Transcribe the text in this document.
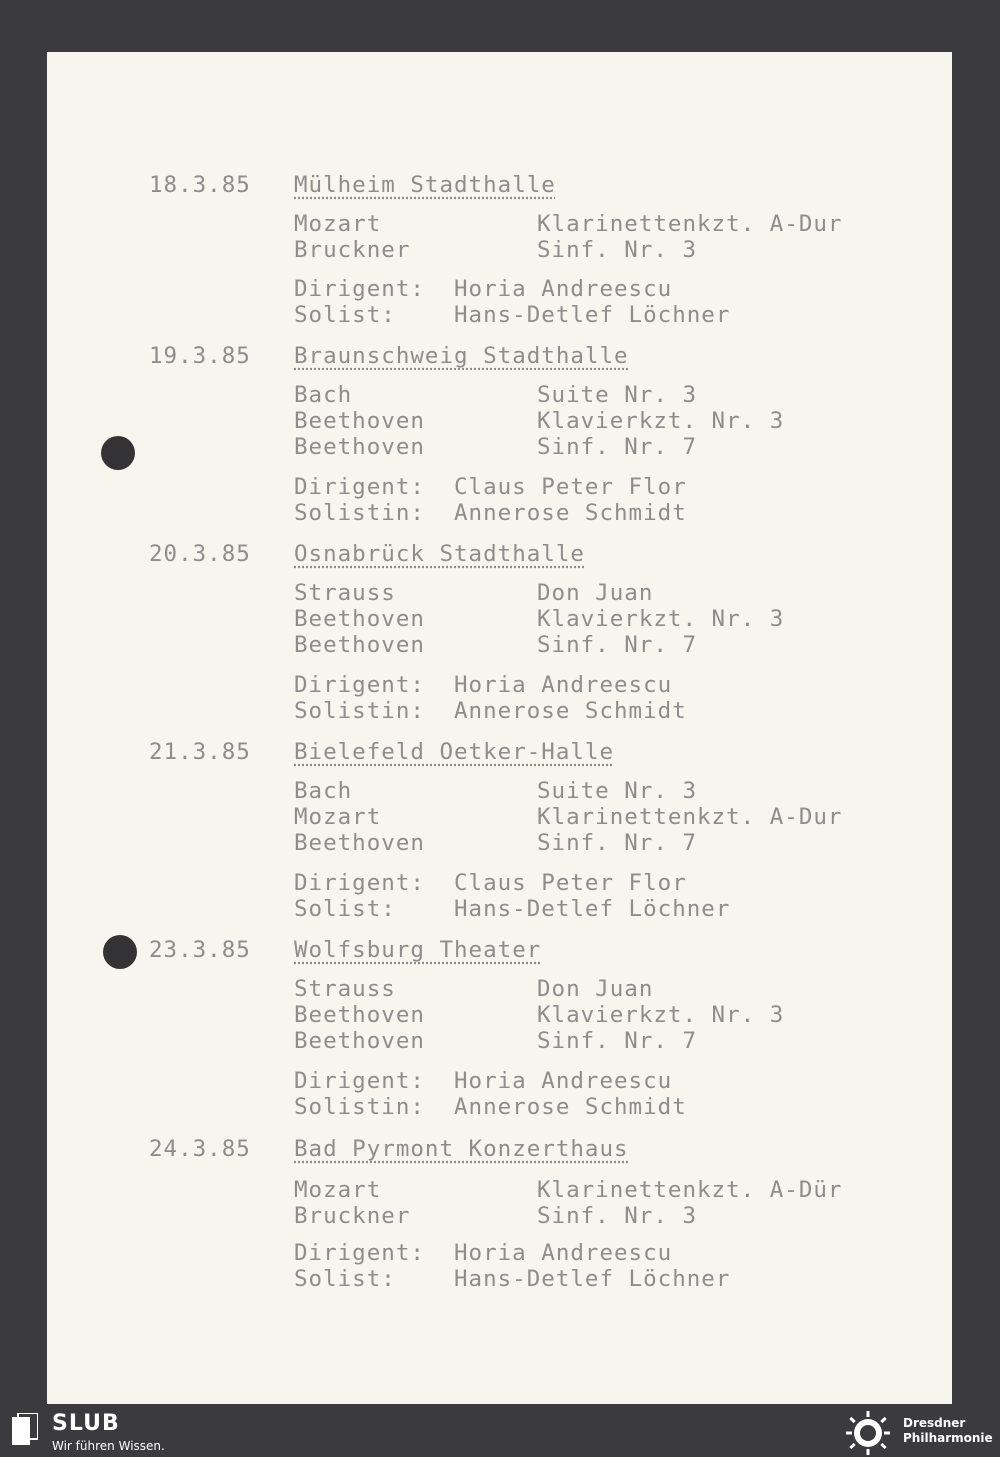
18.3.85 Mülheim Stadthalle
Mozart	Klarinettenkzt. A-Dur
Bruckner	Sinf. Nr. 3
Dirigent: Horia Andreescu
Solist:	Hans-Detlef Löchner
19.3.85 Braunschweig Stadthalle
Bach	Suite Nr. 3
Beethoven	Klavierkzt. Nr. 3
Beethoven	Sinf. Nr. 7
Dirigent: Claus Peter Flor
Solistin: Annerose Schmidt
20.3.85 Osnabrück Stadthalle
Strauss	Don Juan
Beethoven	Klavierkzt. Nr. 3
Beethoven	Sinf. Nr. 7
Dirigent: Horia Andreescu
Solistin: Annerose Schmidt
21.3.85 Bielefeld Oetker-Halle
Bach	Suite Nr. 3
Mozart	Klarinettenkzt. A-Dur
Beethoven	Sinf. Nr. 7
Dirigent: Claus Peter Flor
Solist:	Hans-Detlef Löchner
23.3.85 Wolfsburg Theater
Strauss	Don Juan
Beethoven	Klavierkzt. Nr. 3
Beethoven	Sinf. Nr. 7
Dirigent: Horia Andreescu
Solistin: Annerose Schmidt
24.3.85 Bad Pyrmont Konzerthaus
Mozart	Klarinettenkzt. A-Dür
Bruckner	Sinf. Nr. 3
Dirigent: Horia Andreescu
Solist:	Hans-Detlef Löchner
SLUB
Wir führen Wissen.
Dresdner
Philharmonie
